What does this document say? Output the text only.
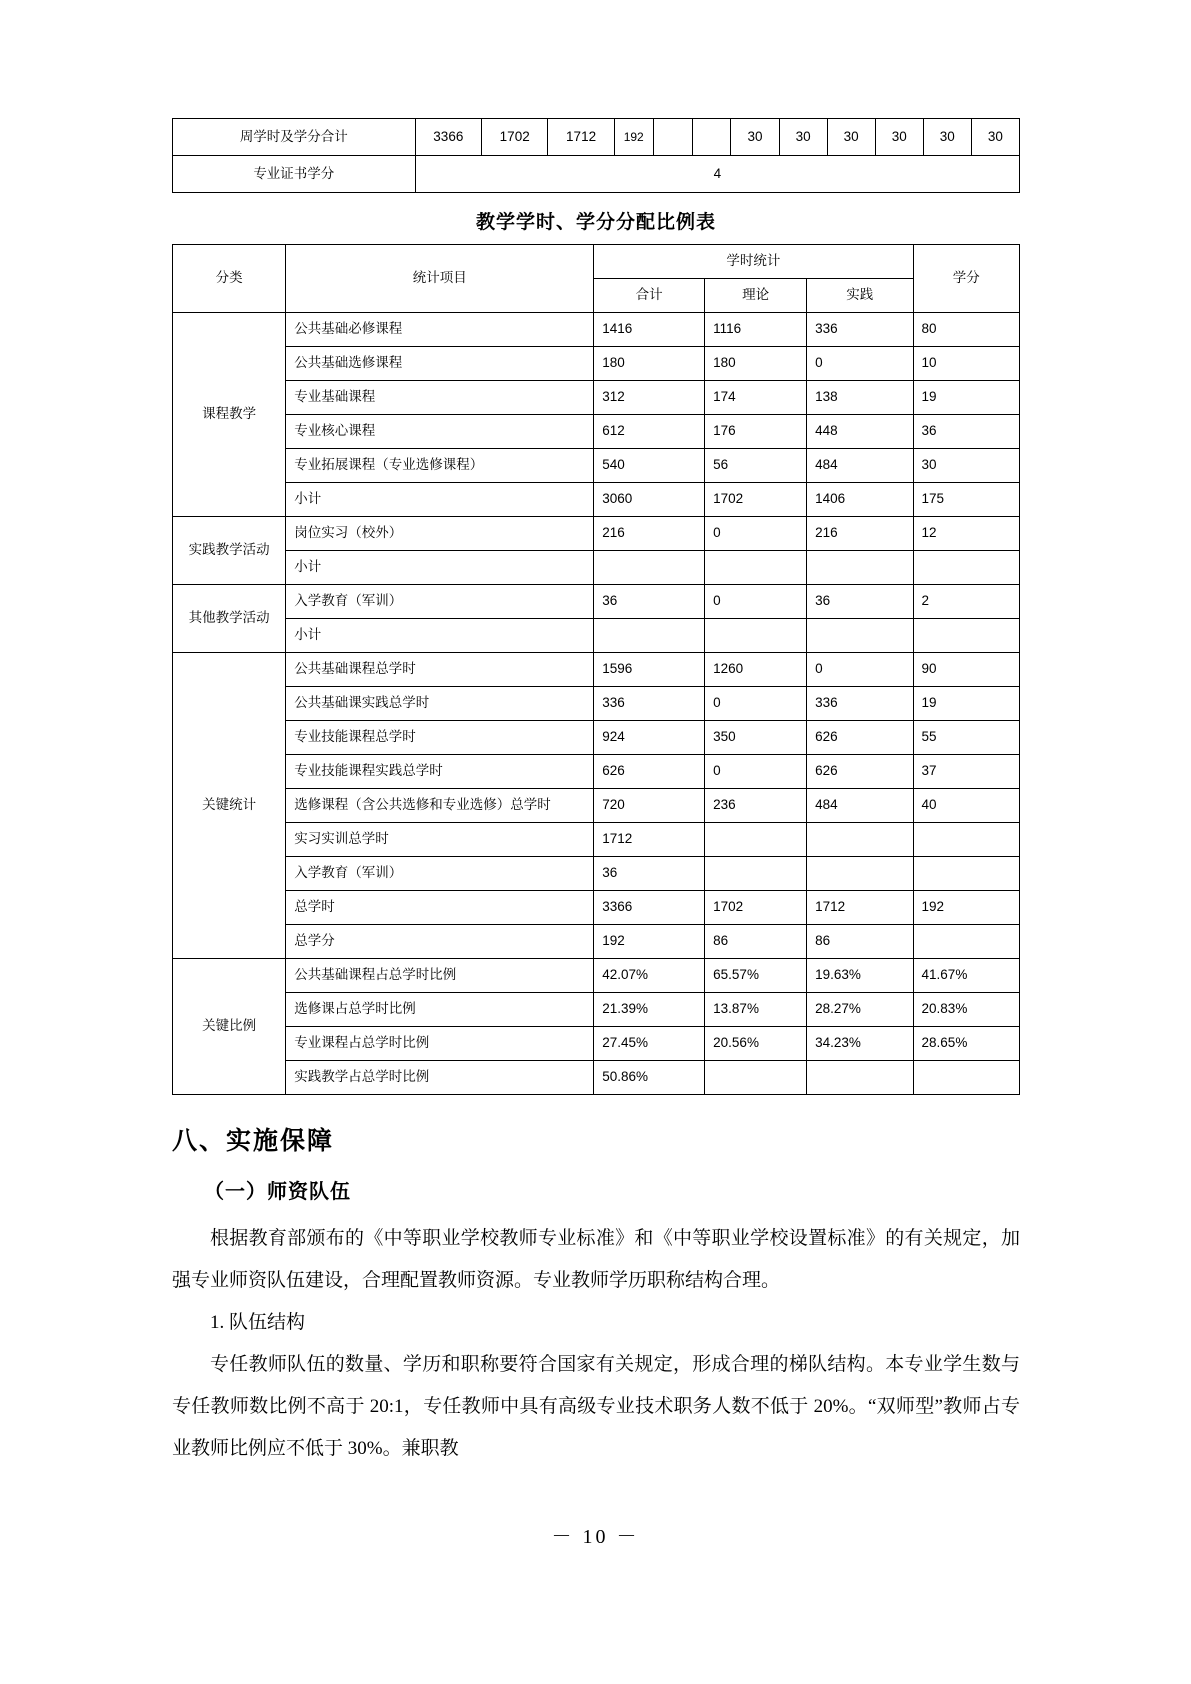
周学时及学分合计	3366	1702	1712	192			30	30	30	30	30	30
专业证书学分	4											
教学学时、学分分配比例表
分类	统计项目	学时统计			学分
		合计	理论	实践	
课程教学	公共基础必修课程	1416	1116	336	80
	公共基础选修课程	180	180	0	10
	专业基础课程	312	174	138	19
	专业核心课程	612	176	448	36
	专业拓展课程（专业选修课程）	540	56	484	30
	小计	3060	1702	1406	175
实践教学活动	岗位实习（校外）	216	0	216	12
	小计				
其他教学活动	入学教育（军训）	36	0	36	2
	小计				
关键统计	公共基础课程总学时	1596	1260	0	90
	公共基础课实践总学时	336	0	336	19
	专业技能课程总学时	924	350	626	55
	专业技能课程实践总学时	626	0	626	37
	选修课程（含公共选修和专业选修）总学时	720	236	484	40
	实习实训总学时	1712			
	入学教育（军训）	36			
	总学时	3366	1702	1712	192
	总学分	192	86	86	
关键比例	公共基础课程占总学时比例	42.07%	65.57%	19.63%	41.67%
	选修课占总学时比例	21.39%	13.87%	28.27%	20.83%
	专业课程占总学时比例	27.45%	20.56%	34.23%	28.65%
	实践教学占总学时比例	50.86%			
八、实施保障
（一）师资队伍

根据教育部颁布的《中等职业学校教师专业标准》和《中等职业学校设置标准》的有关规定，加强专业师资队伍建设，合理配置教师资源。专业教师学历职称结构合理。

1. 队伍结构

专任教师队伍的数量、学历和职称要符合国家有关规定，形成合理的梯队结构。本专业学生数与专任教师数比例不高于 20:1，专任教师中具有高级专业技术职务人数不低于 20%。“双师型”教师占专业教师比例应不低于 30%。兼职教

－ 10 －
